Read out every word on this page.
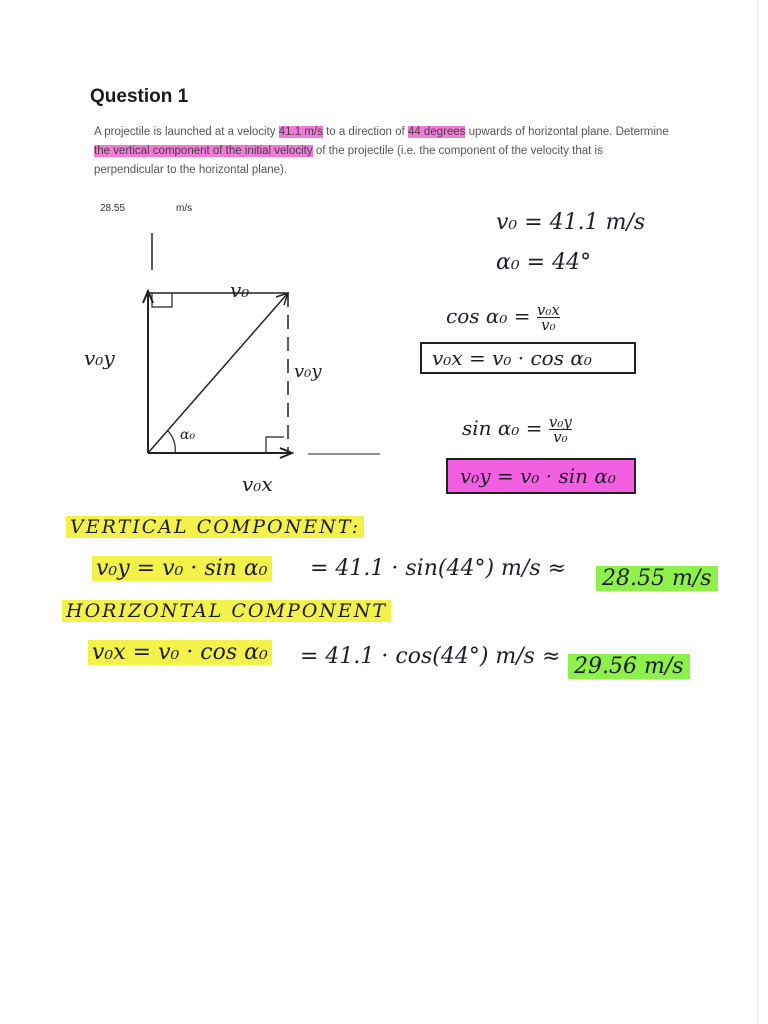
Question 1
A projectile is launched at a velocity 41.1 m/s to a direction of 44 degrees upwards of horizontal plane. Determine the vertical component of the initial velocity of the projectile (i.e. the component of the velocity that is perpendicular to the horizontal plane).
28.55	m/s
v₀
v₀y
v₀y
v₀x
α₀
v₀ = 41.1 m/s
α₀ = 44°
$\cos \alpha_0 = \frac{\text{v₀x}}{\text{v₀}}$
v₀x = v₀ · cos α₀
$\sin \alpha_0 = \frac{\text{v₀y}}{\text{v₀}}$
v₀y = v₀ · sin α₀
VERTICAL COMPONENT:
v₀y = v₀ · sin α₀ = 41.1 · sin(44°) m/s ≈ 28.55 m/s
HORIZONTAL COMPONENT
v₀x = v₀ · cos α₀ = 41.1 · cos(44°) m/s ≈ 29.56 m/s
